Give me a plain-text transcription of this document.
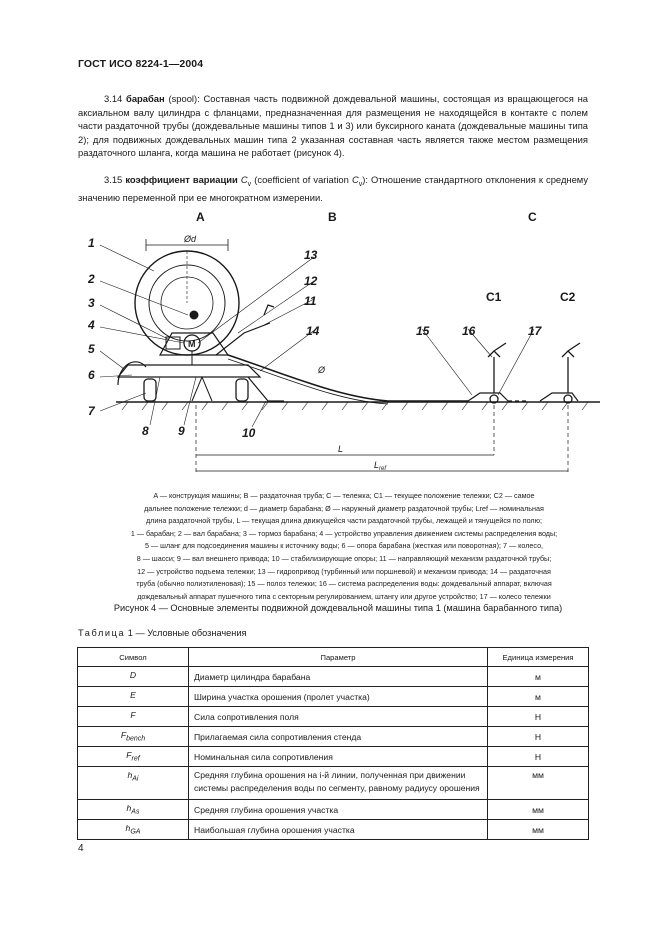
ГОСТ ИСО 8224-1—2004
3.14 барабан (spool): Составная часть подвижной дождевальной машины, состоящая из вращающегося на аксиальном валу цилиндра с фланцами, предназначенная для размещения не находящейся в контакте с полем части раздаточной трубы (дождевальные машины типов 1 и 3) или буксирного каната (дождевальные машины типа 2); для подвижных дождевальных машин типа 2 указанная составная часть является также местом размещения раздаточного шланга, когда машина не работает (рисунок 4).
3.15 коэффициент вариации $C_v$ (coefficient of variation $C_v$): Отношение стандартного отклонения к среднему значению переменной при ее многократном измерении.
A	B	C
C1	C2
Ød
M
Ø
L
$L_{ref}$
1
2
3
4
5
6
7
8 9	10
11
12
13
14	15	16	17
A — конструкция машины; B — раздаточная труба; C — тележка; C1 — текущее положение тележки; C2 — самое
дальнее положение тележки; d — диаметр барабана; Ø — наружный диаметр раздаточной трубы; Lref — номинальная
длина раздаточной трубы, L — текущая длина движущейся части раздаточной трубы, лежащей и тянущейся по полю;
1 — барабан; 2 — вал барабана; 3 — тормоз барабана; 4 — устройство управления движением системы распределения воды;
5 — шланг для подсоединения машины к источнику воды; 6 — опора барабана (жесткая или поворотная); 7 — колесо,
8 — шасси; 9 — вал внешнего привода; 10 — стабилизирующие опоры; 11 — направляющий механизм раздаточной трубы;
12 — устройство подъема тележки; 13 — гидропривод (турбинный или поршневой) и механизм привода; 14 — раздаточная
труба (обычно полиэтиленовая); 15 — полоз тележки; 16 — система распределения воды: дождевальный аппарат, включая
дождевальный аппарат пушечного типа с секторным регулированием, штангу или другое устройство; 17 — колесо тележки
Рисунок 4 — Основные элементы подвижной дождевальной машины типа 1 (машина барабанного типа)
Таблица 1 — Условные обозначения
Символ	Параметр	Единица измерения
D	Диаметр цилиндра барабана	м
E	Ширина участка орошения (пролет участка)	м
F	Сила сопротивления поля	Н
$F_{bench}$	Прилагаемая сила сопротивления стенда	Н
$F_{ref}$	Номинальная сила сопротивления	Н
$h_{Ai}$	Средняя глубина орошения на i-й линии, полученная при движении системы распределения воды по сегменту, равному радиусу орошения	мм
$h_{As}$	Средняя глубина орошения участка	мм
$h_{GA}$	Наибольшая глубина орошения участка	мм
4
